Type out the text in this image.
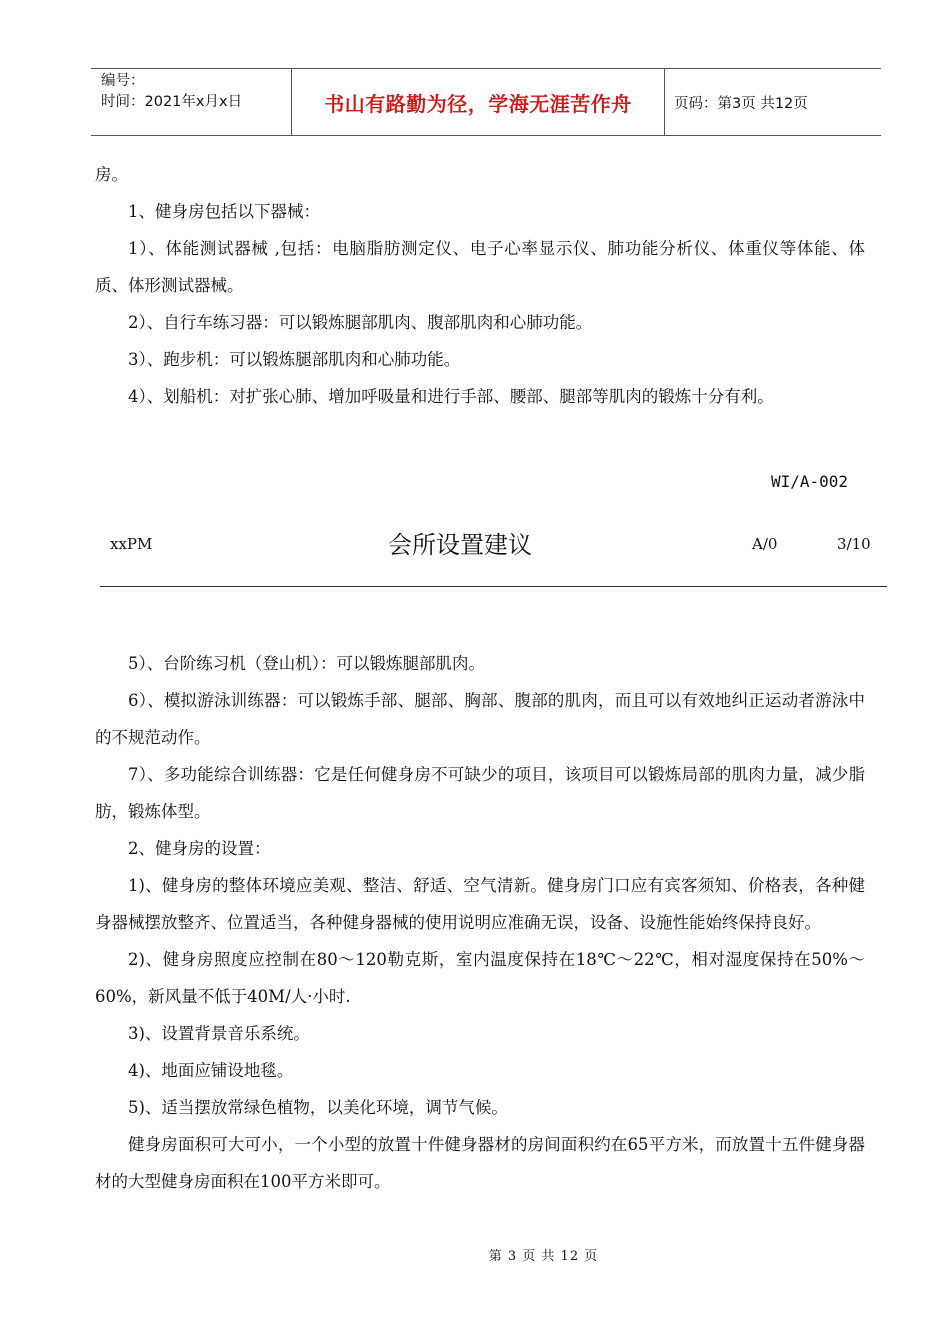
编号：
时间：2021年x月x日	书山有路勤为径，学海无涯苦作舟	页码：第3页 共12页

房。

1、健身房包括以下器械：

1）、体能测试器械 ,包括：电脑脂肪测定仪、电子心率显示仪、肺功能分析仪、体重仪等体能、体质、体形测试器械。

2）、自行车练习器：可以锻炼腿部肌肉、腹部肌肉和心肺功能。

3）、跑步机：可以锻炼腿部肌肉和心肺功能。

4）、划船机：对扩张心肺、增加呼吸量和进行手部、腰部、腿部等肌肉的锻炼十分有利。

WI/A-002
xxPM	会所设置建议	A/0	3/10

5）、台阶练习机（登山机）：可以锻炼腿部肌肉。

6）、模拟游泳训练器：可以锻炼手部、腿部、胸部、腹部的肌肉，而且可以有效地纠正运动者游泳中的不规范动作。

7）、多功能综合训练器：它是任何健身房不可缺少的项目，该项目可以锻炼局部的肌肉力量，减少脂肪，锻炼体型。

2、健身房的设置：

1)、健身房的整体环境应美观、整洁、舒适、空气清新。健身房门口应有宾客须知、价格表，各种健身器械摆放整齐、位置适当，各种健身器械的使用说明应准确无误，设备、设施性能始终保持良好。

2)、健身房照度应控制在80～120勒克斯，室内温度保持在18℃～22℃，相对湿度保持在50%～60%，新风量不低于40M/人·小时.

3)、设置背景音乐系统。

4)、地面应铺设地毯。

5)、适当摆放常绿色植物，以美化环境，调节气候。

健身房面积可大可小，一个小型的放置十件健身器材的房间面积约在65平方米，而放置十五件健身器材的大型健身房面积在100平方米即可。

第 3 页 共 12 页
